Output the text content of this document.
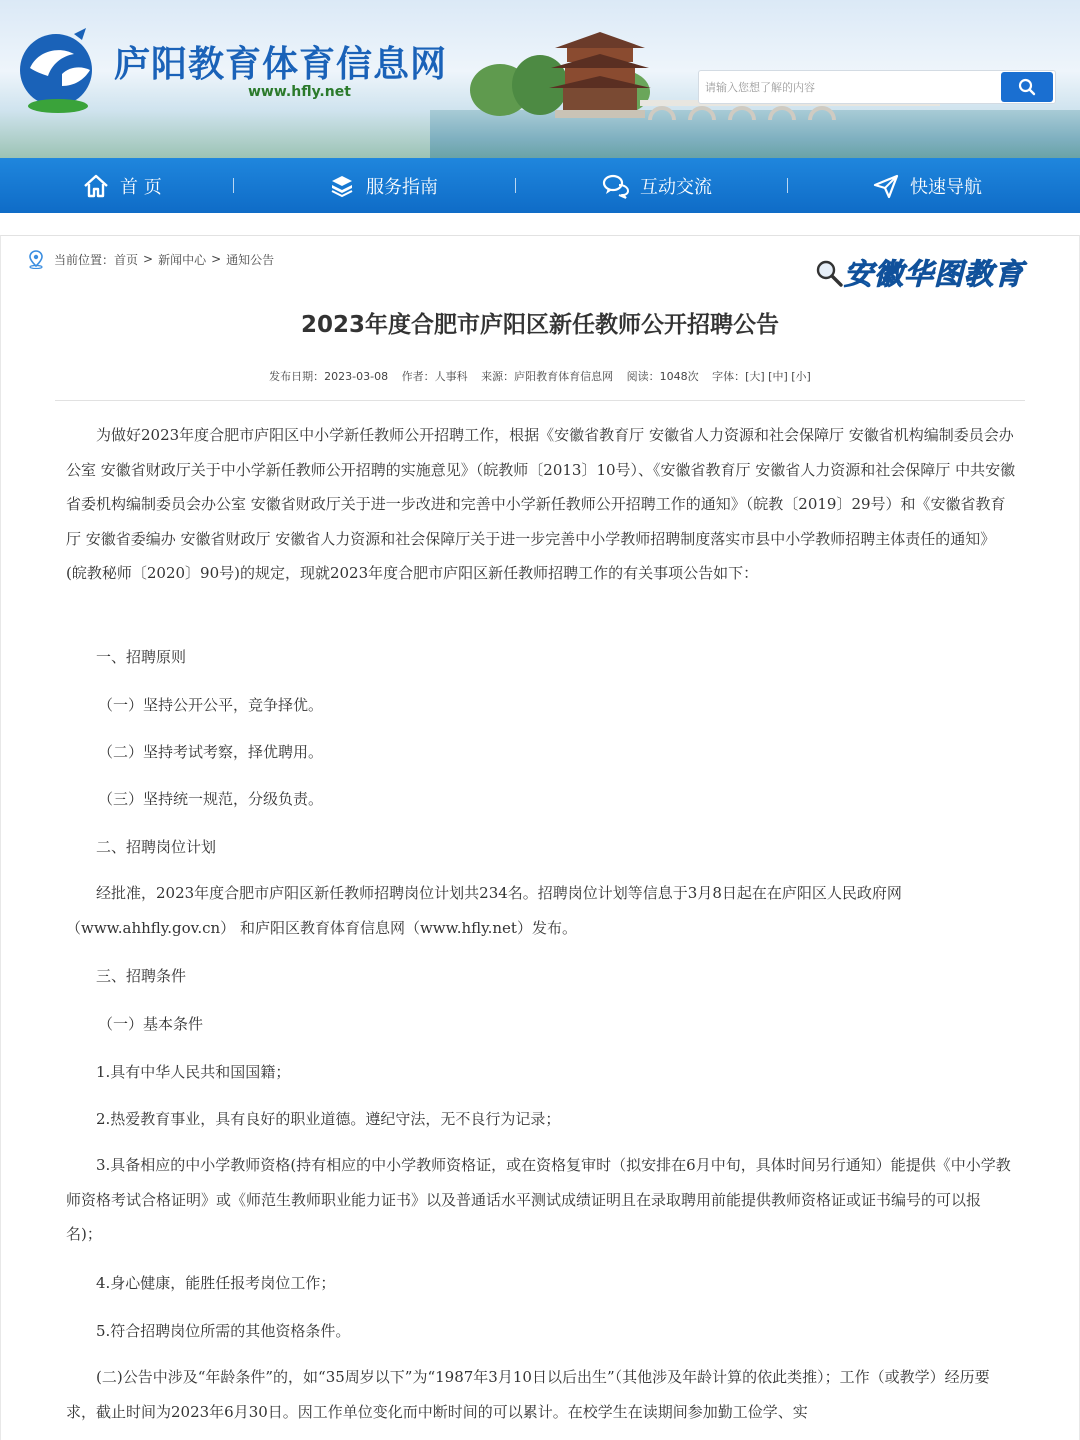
庐阳教育体育信息网
www.hfly.net
请输入您想了解的内容
首 页	服务指南	互动交流	快速导航
当前位置： 首页 > 新闻中心 > 通知公告	安徽华图教育
2023年度合肥市庐阳区新任教师公开招聘公告
发布日期：2023-03-08 作者：人事科 来源：庐阳教育体育信息网 阅读：1048次 字体：[大] [中] [小]
为做好2023年度合肥市庐阳区中小学新任教师公开招聘工作，根据《安徽省教育厅 安徽省人力资源和社会保障厅 安徽省机构编制委员会办公室 安徽省财政厅关于中小学新任教师公开招聘的实施意见》（皖教师〔2013〕10号）、《安徽省教育厅 安徽省人力资源和社会保障厅 中共安徽省委机构编制委员会办公室 安徽省财政厅关于进一步改进和完善中小学新任教师公开招聘工作的通知》（皖教〔2019〕29号）和《安徽省教育厅 安徽省委编办 安徽省财政厅 安徽省人力资源和社会保障厅关于进一步完善中小学教师招聘制度落实市县中小学教师招聘主体责任的通知》(皖教秘师〔2020〕90号)的规定，现就2023年度合肥市庐阳区新任教师招聘工作的有关事项公告如下：
一、招聘原则
（一）坚持公开公平，竞争择优。
（二）坚持考试考察，择优聘用。
（三）坚持统一规范，分级负责。
二、招聘岗位计划
经批准，2023年度合肥市庐阳区新任教师招聘岗位计划共234名。招聘岗位计划等信息于3月8日起在在庐阳区人民政府网（www.ahhfly.gov.cn） 和庐阳区教育体育信息网（www.hfly.net）发布。
三、招聘条件
（一）基本条件
1.具有中华人民共和国国籍；
2.热爱教育事业，具有良好的职业道德。遵纪守法，无不良行为记录；
3.具备相应的中小学教师资格(持有相应的中小学教师资格证，或在资格复审时（拟安排在6月中旬，具体时间另行通知）能提供《中小学教师资格考试合格证明》或《师范生教师职业能力证书》以及普通话水平测试成绩证明且在录取聘用前能提供教师资格证或证书编号的可以报名)；
4.身心健康，能胜任报考岗位工作；
5.符合招聘岗位所需的其他资格条件。
(二)公告中涉及“年龄条件”的，如“35周岁以下”为“1987年3月10日以后出生”（其他涉及年龄计算的依此类推）；工作（或教学）经历要求，截止时间为2023年6月30日。因工作单位变化而中断时间的可以累计。在校学生在读期间参加勤工俭学、实
